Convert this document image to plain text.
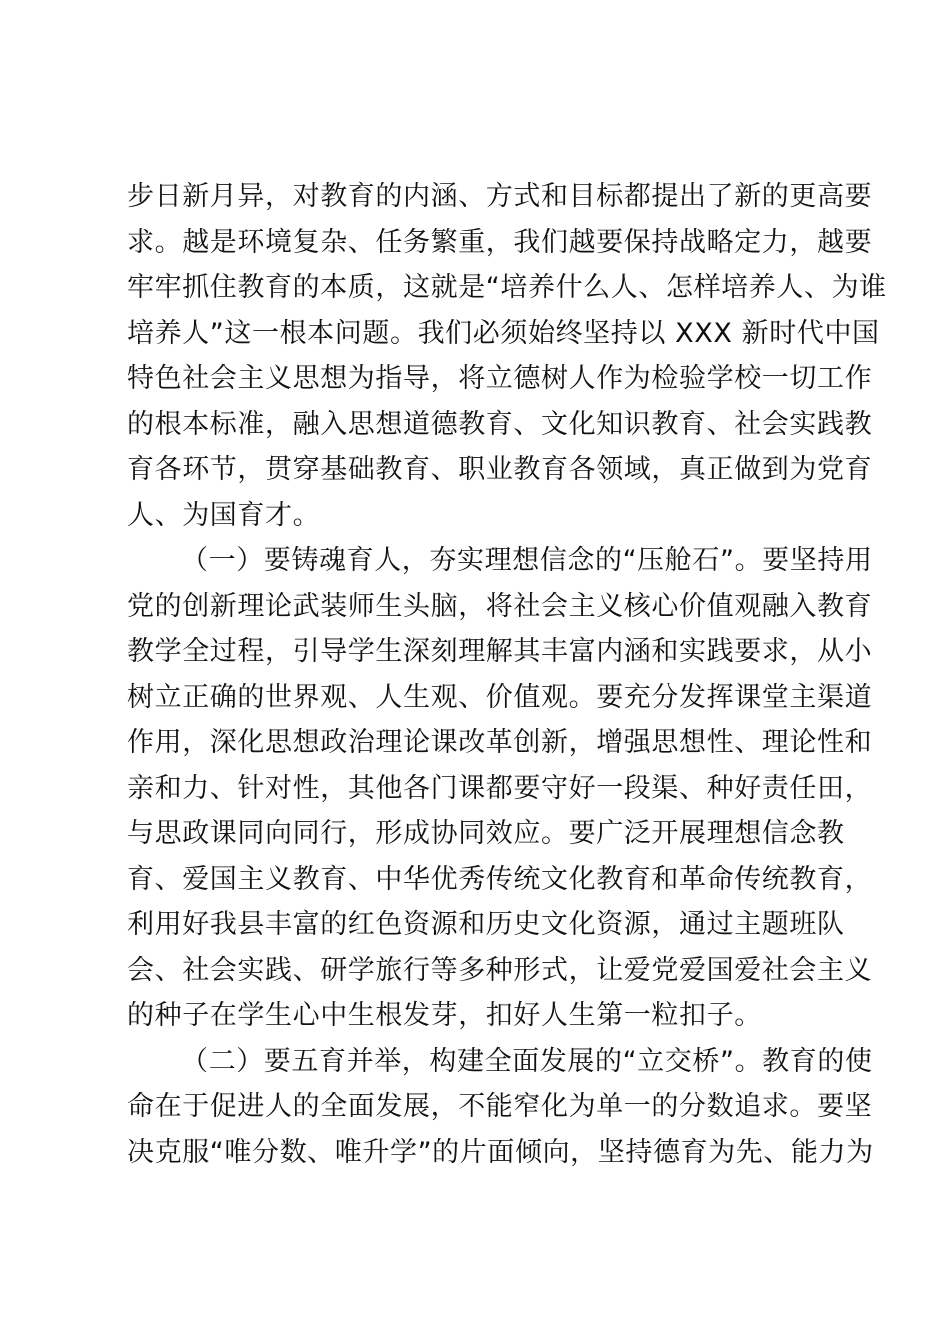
步日新月异，对教育的内涵、方式和目标都提出了新的更高要
求。越是环境复杂、任务繁重，我们越要保持战略定力，越要
牢牢抓住教育的本质，这就是“培养什么人、怎样培养人、为谁
培养人”这一根本问题。我们必须始终坚持以 XXX 新时代中国
特色社会主义思想为指导，将立德树人作为检验学校一切工作
的根本标准，融入思想道德教育、文化知识教育、社会实践教
育各环节，贯穿基础教育、职业教育各领域，真正做到为党育
人、为国育才。
（一）要铸魂育人，夯实理想信念的“压舱石”。要坚持用
党的创新理论武装师生头脑，将社会主义核心价值观融入教育
教学全过程，引导学生深刻理解其丰富内涵和实践要求，从小
树立正确的世界观、人生观、价值观。要充分发挥课堂主渠道
作用，深化思想政治理论课改革创新，增强思想性、理论性和
亲和力、针对性，其他各门课都要守好一段渠、种好责任田，
与思政课同向同行，形成协同效应。要广泛开展理想信念教
育、爱国主义教育、中华优秀传统文化教育和革命传统教育，
利用好我县丰富的红色资源和历史文化资源，通过主题班队
会、社会实践、研学旅行等多种形式，让爱党爱国爱社会主义
的种子在学生心中生根发芽，扣好人生第一粒扣子。
（二）要五育并举，构建全面发展的“立交桥”。教育的使
命在于促进人的全面发展，不能窄化为单一的分数追求。要坚
决克服“唯分数、唯升学”的片面倾向，坚持德育为先、能力为
